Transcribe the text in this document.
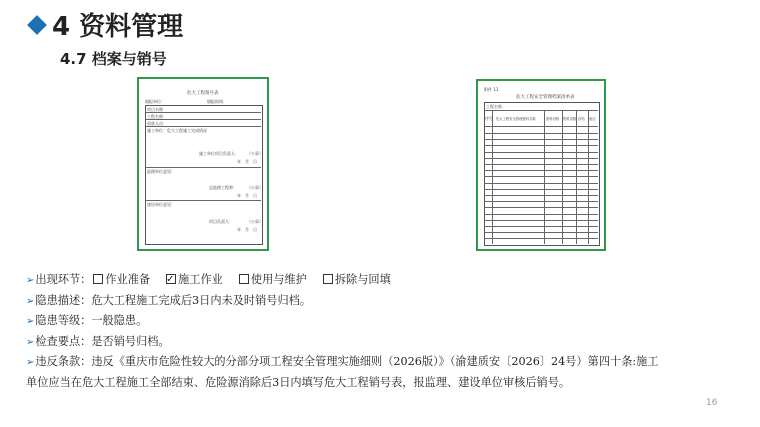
4 资料管理
4.7 档案与销号
危大工程销号表
填报单位：	填报时间：
项目名称：
工程名称：
验收人员：
施工单位：危大工程施工完成情况
施工单位项目负责人： （公章）
年　月　日
监理单位意见：
总监理工程师：	（公章）
年　月　日
建设单位意见：
项目负责人：	（公章）
年　月　日
附件 11
危大工程安全管理档案清单表
工程名称：
序号 危大工程安全管理资料名称	资料份数 资料页数 存档 备注
➢出现环节： 作业准备✓	施工作业	使用与维护	拆除与回填
➢隐患描述：危大工程施工完成后3日内未及时销号归档。
➢隐患等级：一般隐患。
➢检查要点：是否销号归档。
➢违反条款：违反《重庆市危险性较大的分部分项工程安全管理实施细则（2026版）》（渝建质安〔2026〕24号）第四十条:施工
单位应当在危大工程施工全部结束、危险源消除后3日内填写危大工程销号表，报监理、建设单位审核后销号。
16
